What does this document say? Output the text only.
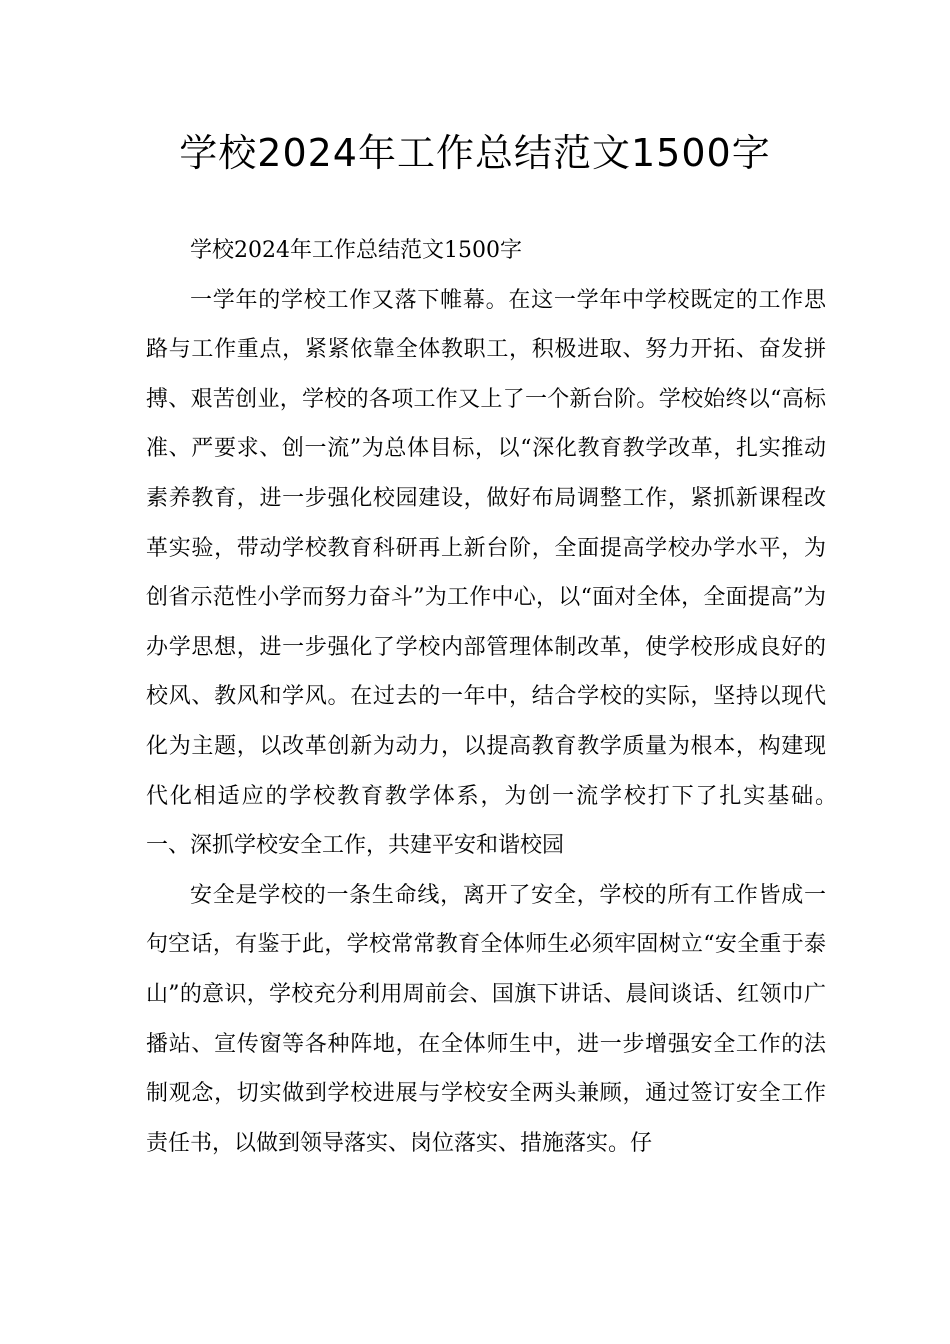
学校2024年工作总结范文1500字

学校2024年工作总结范文1500字

一学年的学校工作又落下帷幕。在这一学年中学校既定的工作思路与工作重点，紧紧依靠全体教职工，积极进取、努力开拓、奋发拼搏、艰苦创业，学校的各项工作又上了一个新台阶。学校始终以“高标准、严要求、创一流”为总体目标，以“深化教育教学改革，扎实推动素养教育，进一步强化校园建设，做好布局调整工作，紧抓新课程改革实验，带动学校教育科研再上新台阶，全面提高学校办学水平，为创省示范性小学而努力奋斗”为工作中心，以“面对全体，全面提高”为办学思想，进一步强化了学校内部管理体制改革，使学校形成良好的校风、教风和学风。在过去的一年中，结合学校的实际，坚持以现代化为主题，以改革创新为动力，以提高教育教学质量为根本，构建现代化相适应的学校教育教学体系，为创一流学校打下了扎实基础。　　　一、深抓学校安全工作，共建平安和谐校园

安全是学校的一条生命线，离开了安全，学校的所有工作皆成一句空话，有鉴于此，学校常常教育全体师生必须牢固树立“安全重于泰山”的意识，学校充分利用周前会、国旗下讲话、晨间谈话、红领巾广播站、宣传窗等各种阵地，在全体师生中，进一步增强安全工作的法制观念，切实做到学校进展与学校安全两头兼顾，通过签订安全工作责任书，以做到领导落实、岗位落实、措施落实。仔
